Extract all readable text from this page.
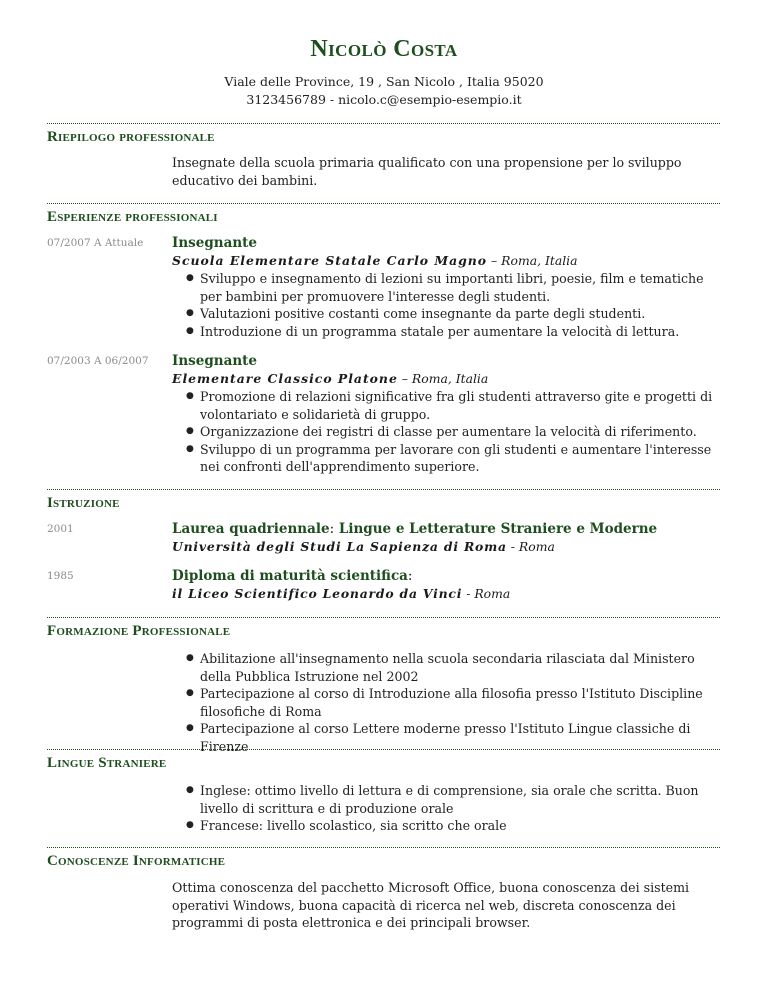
Nicolò Costa
Viale delle Province, 19 , San Nicolo , Italia 95020
3123456789 - nicolo.c@esempio-esempio.it
Riepilogo professionale
Insegnate della scuola primaria qualificato con una propensione per lo sviluppo educativo dei bambini.
Esperienze professionali
07/2007 A Attuale Insegnante
Scuola Elementare Statale Carlo Magno – Roma, Italia
● Sviluppo e insegnamento di lezioni su importanti libri, poesie, film e tematiche per bambini per promuovere l'interesse degli studenti.
● Valutazioni positive costanti come insegnante da parte degli studenti.
● Introduzione di un programma statale per aumentare la velocità di lettura.
07/2003 A 06/2007 Insegnante
Elementare Classico Platone – Roma, Italia
● Promozione di relazioni significative fra gli studenti attraverso gite e progetti di volontariato e solidarietà di gruppo.
● Organizzazione dei registri di classe per aumentare la velocità di riferimento.
● Sviluppo di un programma per lavorare con gli studenti e aumentare l'interesse nei confronti dell'apprendimento superiore.
Istruzione
2001	Laurea quadriennale: Lingue e Letterature Straniere e Moderne
Università degli Studi La Sapienza di Roma - Roma
1985	Diploma di maturità scientifica:
il Liceo Scientifico Leonardo da Vinci - Roma
Formazione Professionale
● Abilitazione all'insegnamento nella scuola secondaria rilasciata dal Ministero della Pubblica Istruzione nel 2002
● Partecipazione al corso di Introduzione alla filosofia presso l'Istituto Discipline filosofiche di Roma
● Partecipazione al corso Lettere moderne presso l'Istituto Lingue classiche di Firenze
Lingue Straniere
● Inglese: ottimo livello di lettura e di comprensione, sia orale che scritta. Buon livello di scrittura e di produzione orale
● Francese: livello scolastico, sia scritto che orale
Conoscenze Informatiche
Ottima conoscenza del pacchetto Microsoft Office, buona conoscenza dei sistemi operativi Windows, buona capacità di ricerca nel web, discreta conoscenza dei programmi di posta elettronica e dei principali browser.
